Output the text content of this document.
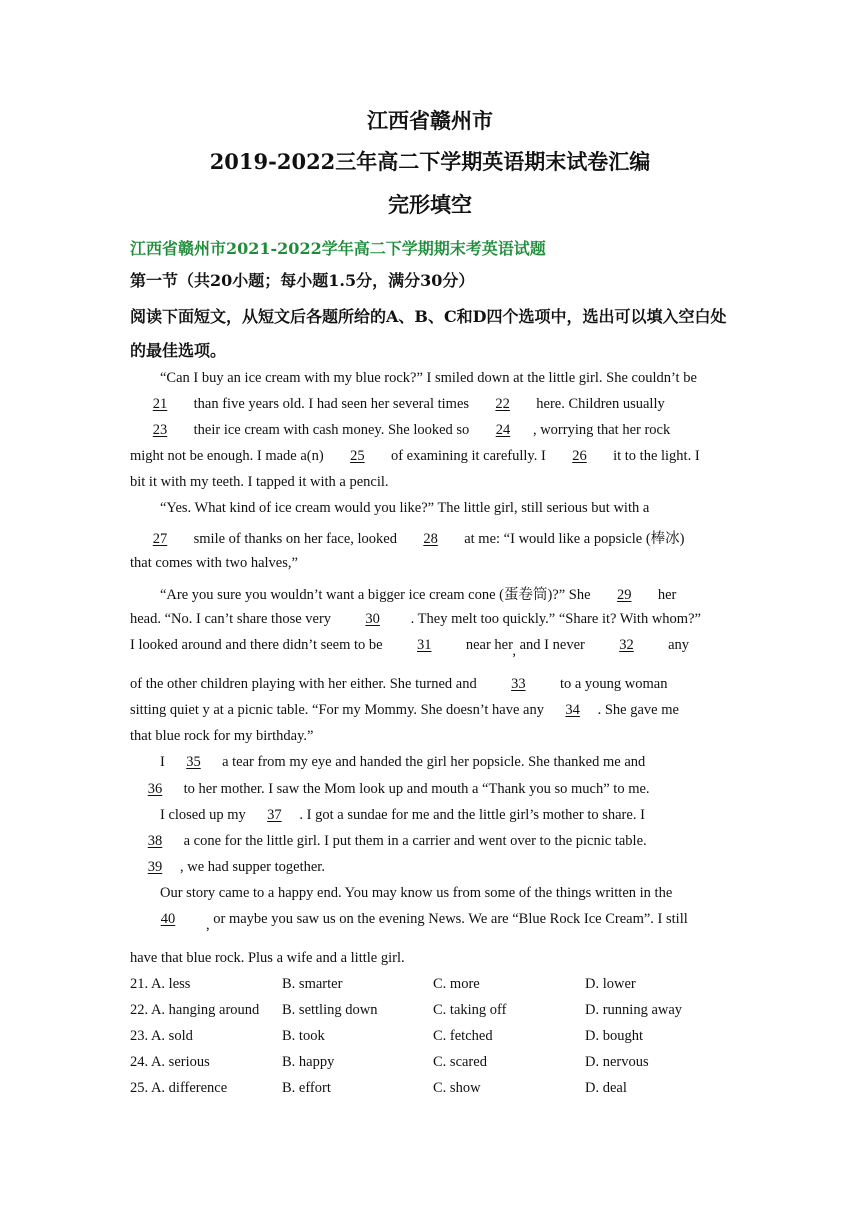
江西省赣州市
2019-2022三年高二下学期英语期末试卷汇编
完形填空
江西省赣州市2021-2022学年高二下学期期末考英语试题
第一节（共20小题；每小题1.5分，满分30分）
阅读下面短文，从短文后各题所给的A、B、C和D四个选项中，选出可以填入空白处的最佳选项。
“Can I buy an ice cream with my blue rock?” I smiled down at the little girl. She couldn’t be
21 than five years old. I had seen her several times 22 here. Children usually
23 their ice cream with cash money. She looked so 24 , worrying that her rock
might not be enough. I made a(n) 25 of examining it carefully. I 26 it to the light. I
bit it with my teeth. I tapped it with a pencil.
“Yes. What kind of ice cream would you like?” The little girl, still serious but with a
27 smile of thanks on her face, looked 28 at me: “I would like a popsicle (棒冰)
that comes with two halves,”
“Are you sure you wouldn’t want a bigger ice cream cone (蛋卷筒)?” She 29 her
head. “No. I can’t share those very 30 . They melt too quickly.” “Share it? With whom?”
I looked around and there didn’t seem to be 31 near her, and I never 32 any
of the other children playing with her either. She turned and 33 to a young woman
sitting quiet y at a picnic table. “For my Mommy. She doesn’t have any 34 . She gave me
that blue rock for my birthday.”
I 35 a tear from my eye and handed the girl her popsicle. She thanked me and
36 to her mother. I saw the Mom look up and mouth a “Thank you so much” to me.
I closed up my 37 . I got a sundae for me and the little girl’s mother to share. I
38 a cone for the little girl. I put them in a carrier and went over to the picnic table.
39 , we had supper together.
Our story came to a happy end. You may know us from some of the things written in the
40 , or maybe you saw us on the evening News. We are “Blue Rock Ice Cream”. I still
have that blue rock. Plus a wife and a little girl.
21. A. less	B. smarter	C. more	D. lower
22. A. hanging around B. settling down	C. taking off	D. running away
23. A. sold	B. took	C. fetched	D. bought
24. A. serious	B. happy	C. scared	D. nervous
25. A. difference	B. effort	C. show	D. deal
